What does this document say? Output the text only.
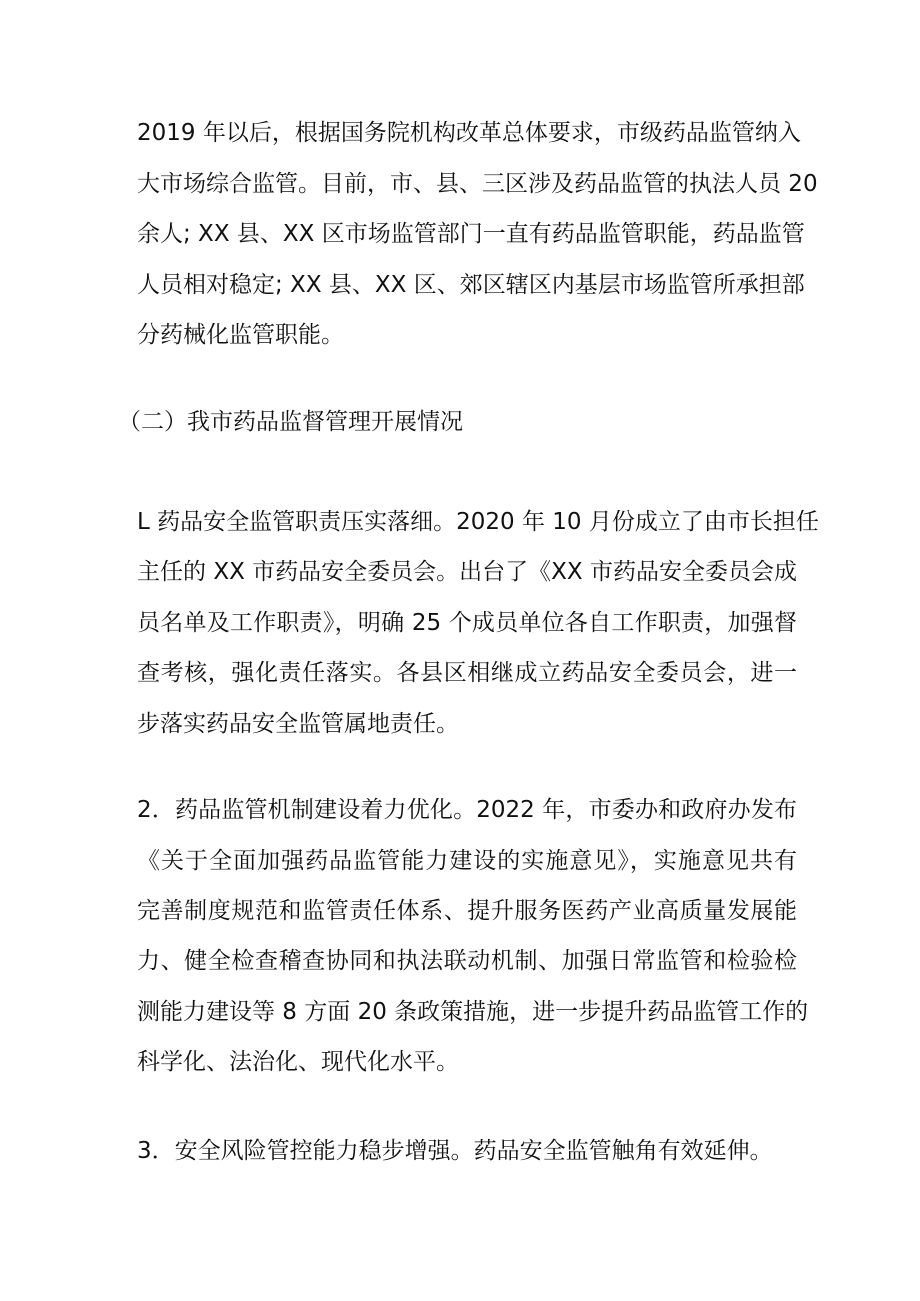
2019 年以后，根据国务院机构改革总体要求，市级药品监管纳入
大市场综合监管。目前，市、县、三区涉及药品监管的执法人员 20
余人; XX 县、XX 区市场监管部门一直有药品监管职能，药品监管
人员相对稳定; XX 县、XX 区、郊区辖区内基层市场监管所承担部
分药械化监管职能。
（二）我市药品监督管理开展情况
L 药品安全监管职责压实落细。2020 年 10 月份成立了由市长担任
主任的 XX 市药品安全委员会。出台了《XX 市药品安全委员会成
员名单及工作职责》，明确 25 个成员单位各自工作职责，加强督
查考核，强化责任落实。各县区相继成立药品安全委员会，进一
步落实药品安全监管属地责任。
2．药品监管机制建设着力优化。2022 年，市委办和政府办发布
《关于全面加强药品监管能力建设的实施意见》，实施意见共有
完善制度规范和监管责任体系、提升服务医药产业高质量发展能
力、健全检查稽查协同和执法联动机制、加强日常监管和检验检
测能力建设等 8 方面 20 条政策措施，进一步提升药品监管工作的
科学化、法治化、现代化水平。
3．安全风险管控能力稳步增强。药品安全监管触角有效延伸。
